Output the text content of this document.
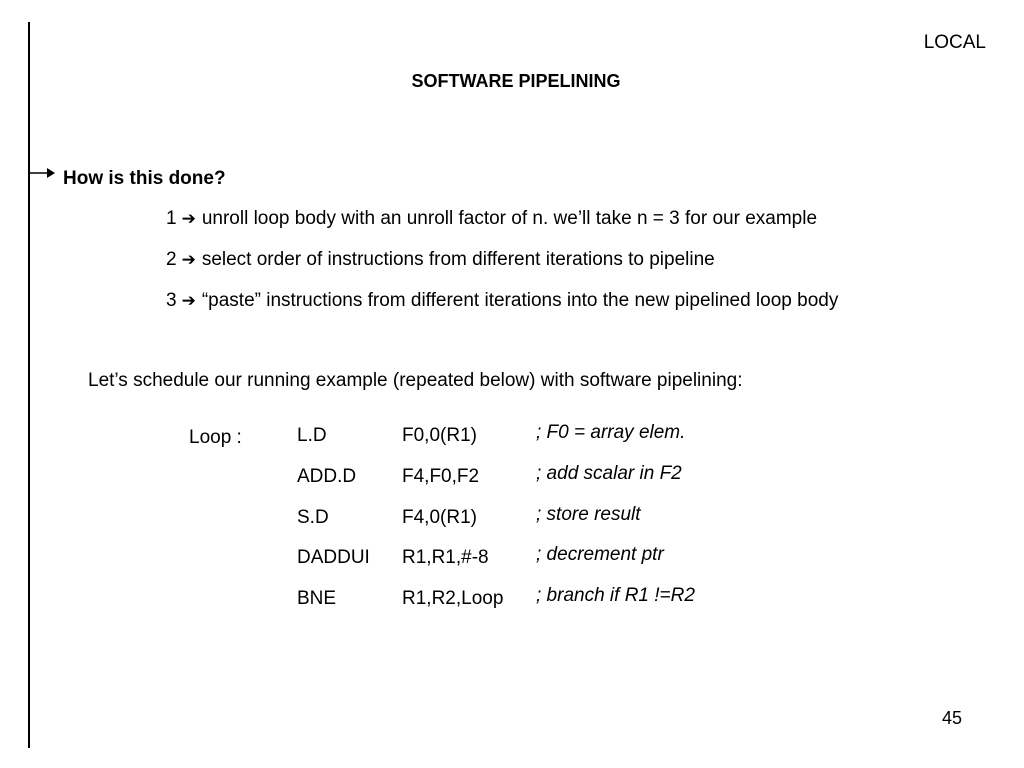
LOCAL
SOFTWARE PIPELINING
How is this done?
1 ➔ unroll loop body with an unroll factor of n. we’ll take n = 3 for our example
2 ➔ select order of instructions from different iterations to pipeline
3 ➔ “paste” instructions from different iterations into the new pipelined loop body
Let’s schedule our running example (repeated below) with software pipelining:
Loop :	L.D	F0,0(R1)	; F0 = array elem.
ADD.D F4,F0,F2	; add scalar in F2
S.D	F4,0(R1)	; store result
DADDUI R1,R1,#-8 ; decrement ptr
BNE	R1,R2,Loop ; branch if R1 !=R2
45
